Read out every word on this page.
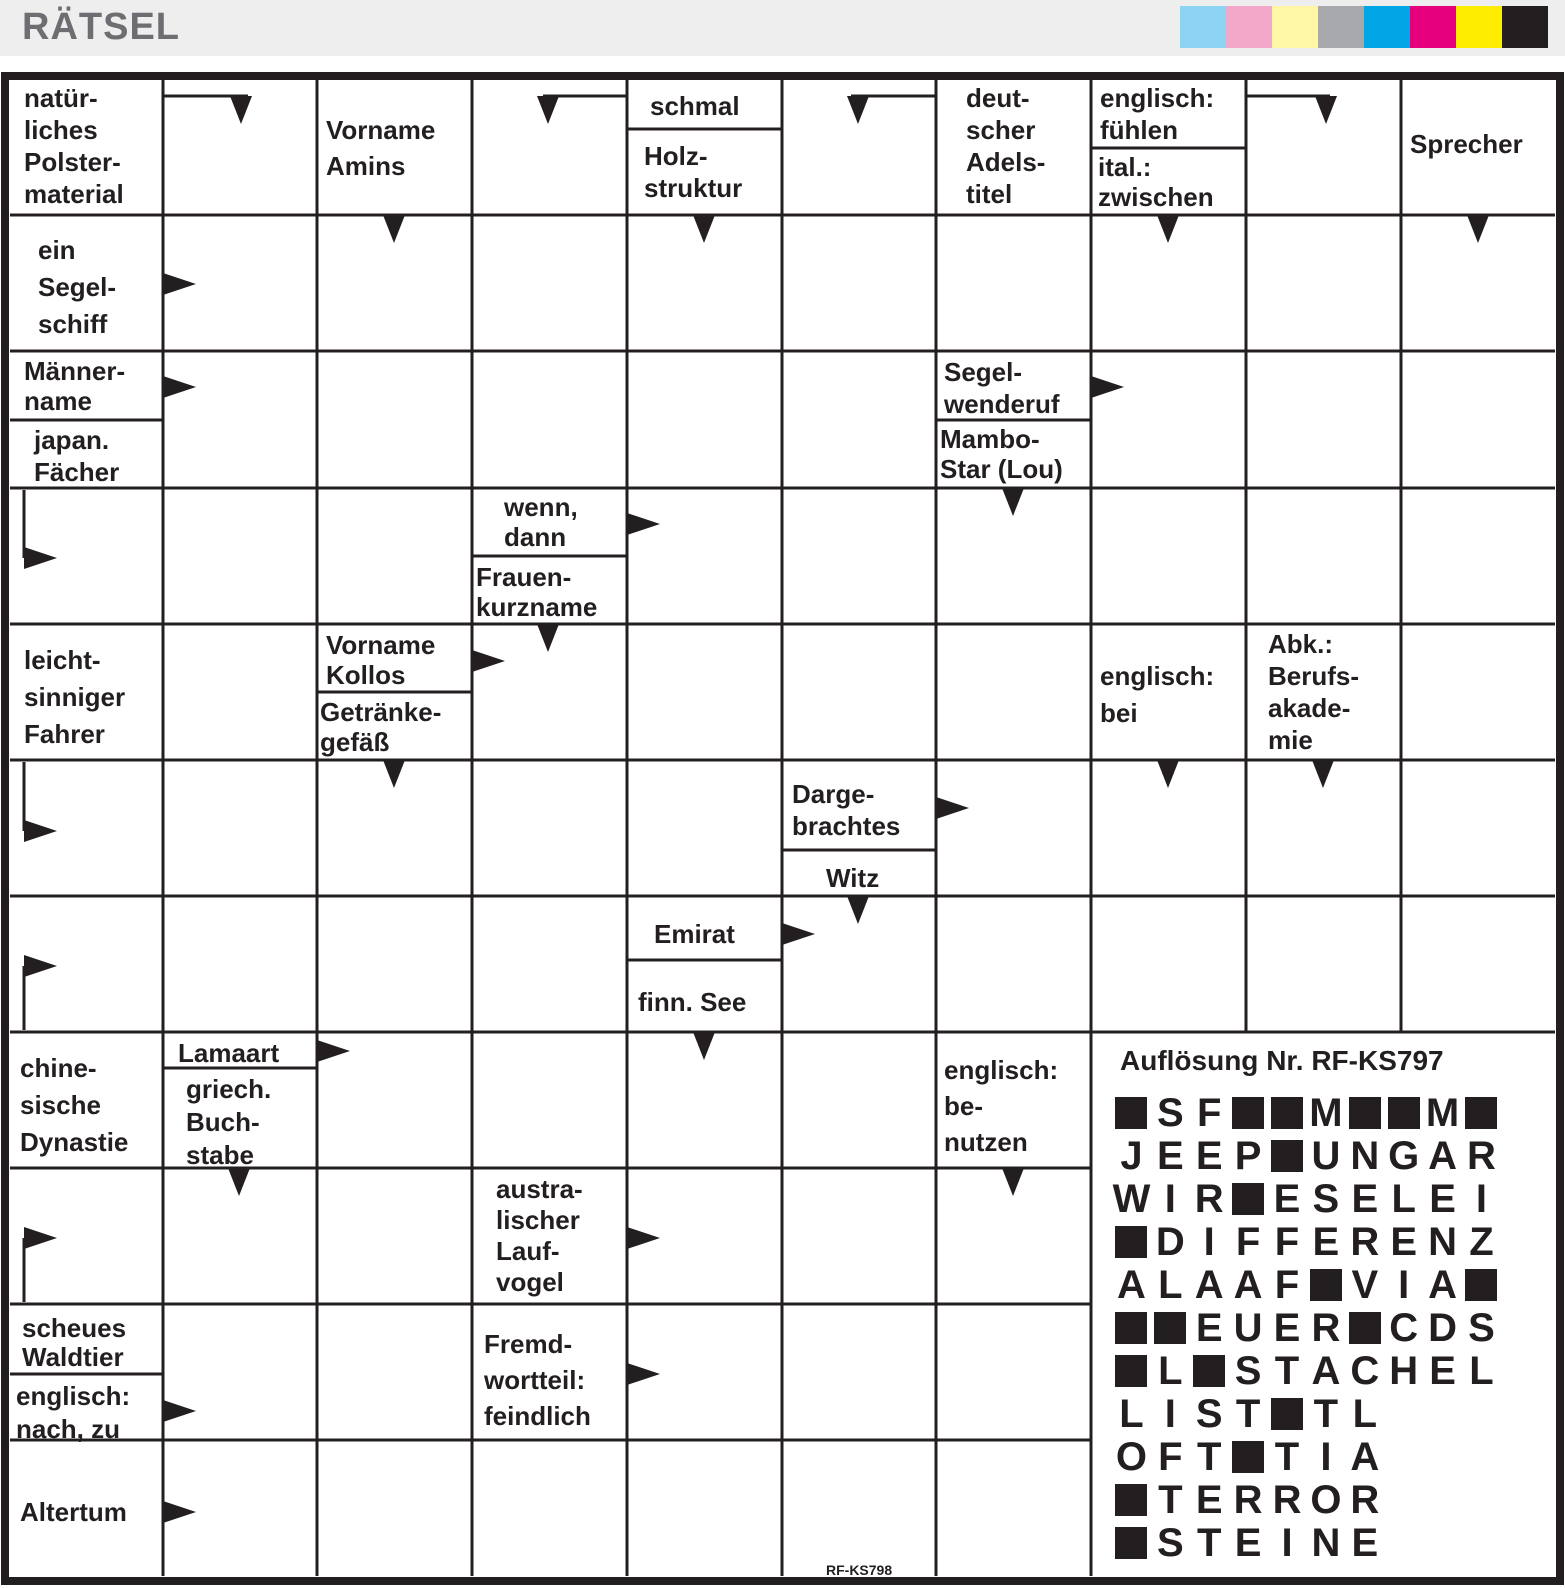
RÄTSEL
natür-
liches
Polster-
material
Vorname
Amins
schmal
Holz-
struktur
deut-
scher
Adels-
titel
englisch:
fühlen
ital.:
zwischen
Sprecher
ein
Segel-
schiff
Männer-
name
japan.
Fächer
Segel-
wenderuf
Mambo-
Star (Lou)
wenn,
dann
Frauen-
kurzname
leicht-
sinniger
Fahrer
Vorname
Kollos
Getränke-
gefäß
englisch:
bei
Abk.:
Berufs-
akade-
mie
Darge-
brachtes
Witz
Emirat
finn. See
chine-
sische
Dynastie
Lamaart
griech.
Buch-
stabe
englisch:
be-
nutzen
austra-
lischer
Lauf-
vogel
scheues
Waldtier
englisch:
nach, zu
Fremd-
wortteil:
feindlich
Altertum
Auflösung Nr. RF-KS797
S F M M
J E E P U N G A R
W I R E S E L E I
D I F F E R E N Z
A L A A F V I A
E U E R C D S
L S T A C H E L
L I S T T L
O F T T I A
T E R R O R
S T E I N E
RF-KS798
